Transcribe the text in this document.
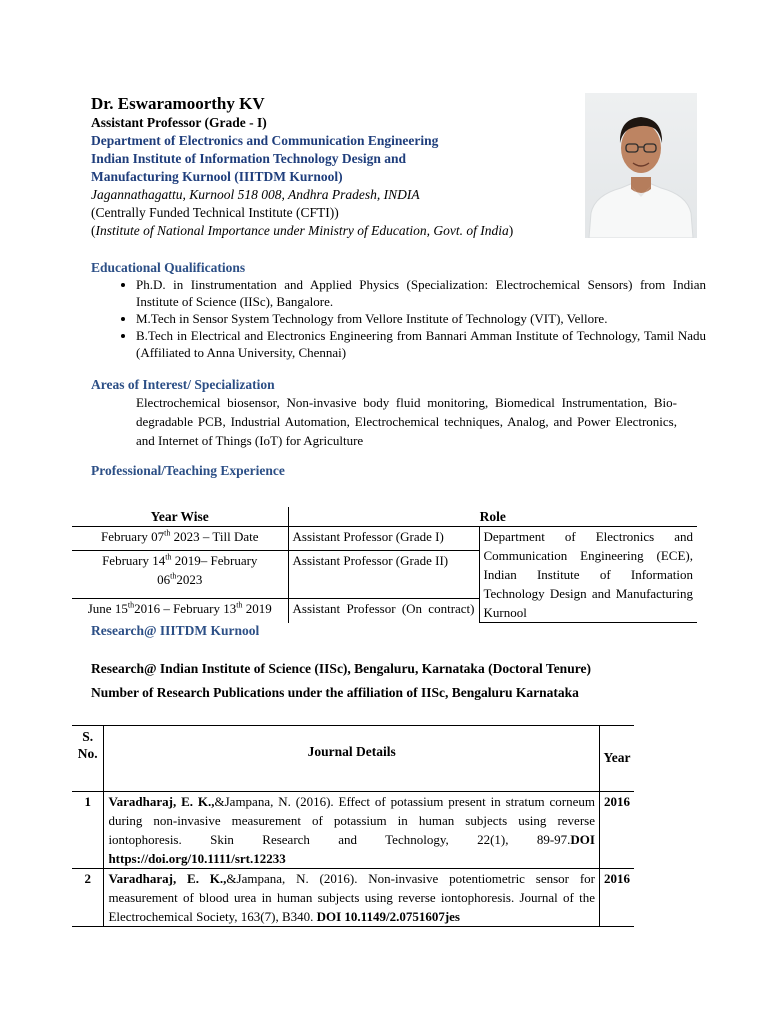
Dr. Eswaramoorthy KV
Assistant Professor (Grade - I)
Department of Electronics and Communication Engineering
Indian Institute of Information Technology Design and
Manufacturing Kurnool (IIITDM Kurnool)
Jagannathagattu, Kurnool 518 008, Andhra Pradesh, INDIA
(Centrally Funded Technical Institute (CFTI))
(Institute of National Importance under Ministry of Education, Govt. of India)
Educational Qualifications
• Ph.D. in Iinstrumentation and Applied Physics (Specialization: Electrochemical Sensors) from Indian Institute of Science (IISc), Bangalore.
• M.Tech in Sensor System Technology from Vellore Institute of Technology (VIT), Vellore.
• B.Tech in Electrical and Electronics Engineering from Bannari Amman Institute of Technology, Tamil Nadu (Affiliated to Anna University, Chennai)
Areas of Interest/ Specialization
Electrochemical biosensor, Non-invasive body fluid monitoring, Biomedical Instrumentation, Bio-degradable PCB, Industrial Automation, Electrochemical techniques, Analog, and Power Electronics, and Internet of Things (IoT) for Agriculture
Professional/Teaching Experience
Year Wise	Role	
February 07th 2023 – Till Date	Assistant Professor (Grade I)	Department of Electronics and Communication Engineering (ECE), Indian Institute of Information Technology Design and Manufacturing Kurnool
February 14th 2019– February
06th2023	Assistant Professor (Grade II)	
June 15th2016 – February 13th 2019	Assistant Professor (On contract)	
Research@ IIITDM Kurnool
Research@ Indian Institute of Science (IISc), Bengaluru, Karnataka (Doctoral Tenure)
Number of Research Publications under the affiliation of IISc, Bengaluru Karnataka
S. No.	Journal Details	Year
1	Varadharaj, E. K.,&Jampana, N. (2016). Effect of potassium present in stratum corneum during non-invasive measurement of potassium in human subjects using reverse iontophoresis. Skin Research and Technology, 22(1), 89-97.DOI https://doi.org/10.1111/srt.12233	2016
2	Varadharaj, E. K.,&Jampana, N. (2016). Non-invasive potentiometric sensor for measurement of blood urea in human subjects using reverse iontophoresis. Journal of the Electrochemical Society, 163(7), B340. DOI 10.1149/2.0751607jes	2016
